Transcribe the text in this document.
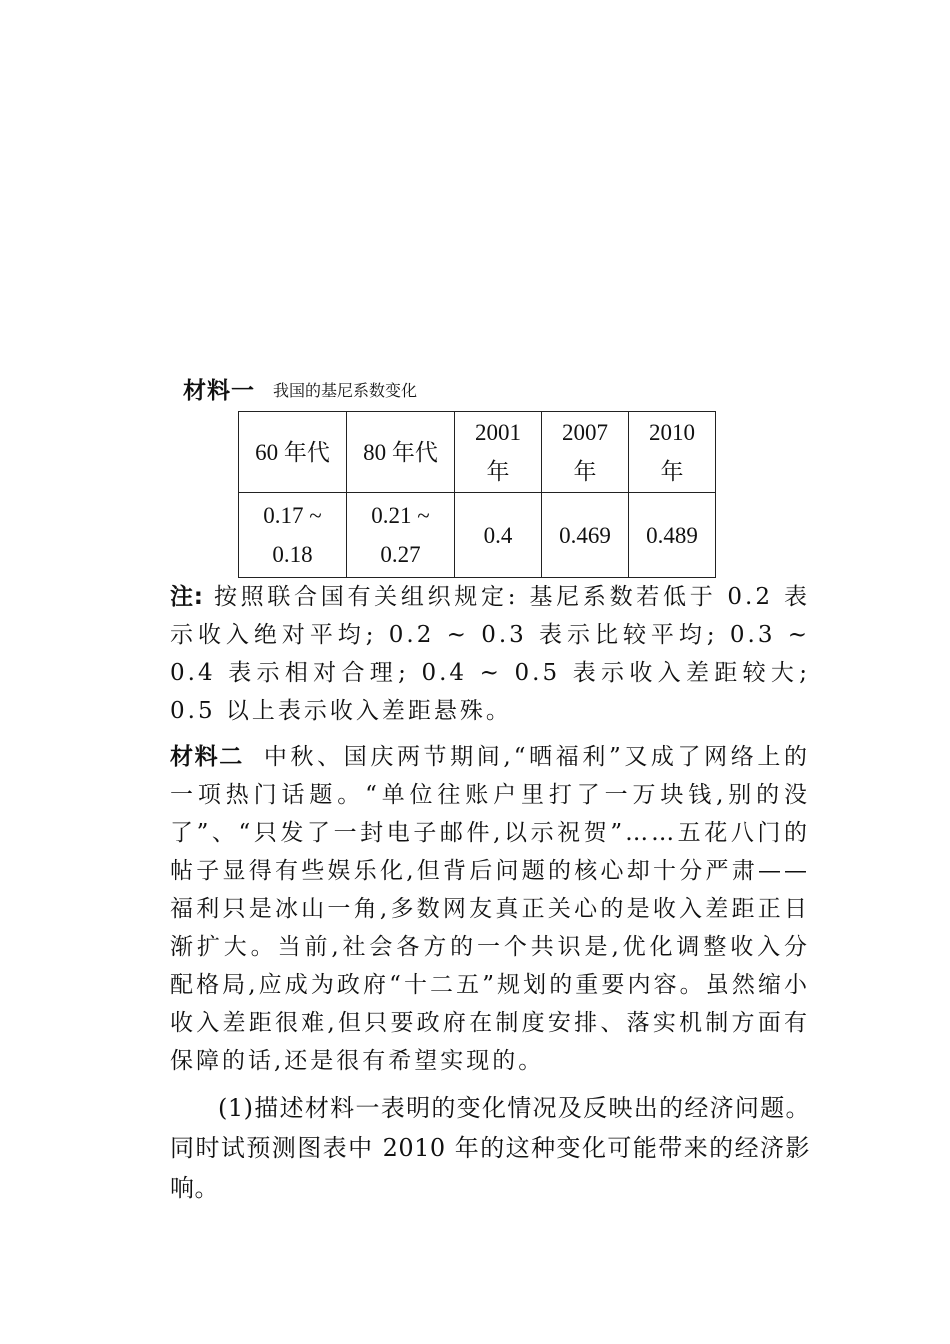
材料一 我国的基尼系数变化
60 年代	80 年代	2001 年	2007 年	2010 年
0.17 ~ 0.18	0.21 ~ 0.27	0.4	0.469	0.489
注: 按照联合国有关组织规定: 基尼系数若低于 0.2 表示收入绝对平均; 0.2 ~ 0.3 表示比较平均; 0.3 ~ 0.4 表示相对合理; 0.4 ~ 0.5 表示收入差距较大; 0.5 以上表示收入差距悬殊。
材料二 中秋、国庆两节期间,“晒福利”又成了网络上的一项热门话题。“单位往账户里打了一万块钱,别的没了”、“只发了一封电子邮件,以示祝贺”……五花八门的帖子显得有些娱乐化,但背后问题的核心却十分严肃——福利只是冰山一角,多数网友真正关心的是收入差距正日渐扩大。当前,社会各方的一个共识是,优化调整收入分配格局,应成为政府“十二五”规划的重要内容。虽然缩小收入差距很难,但只要政府在制度安排、落实机制方面有保障的话,还是很有希望实现的。
(1)描述材料一表明的变化情况及反映出的经济问题。同时试预测图表中 2010 年的这种变化可能带来的经济影响。
